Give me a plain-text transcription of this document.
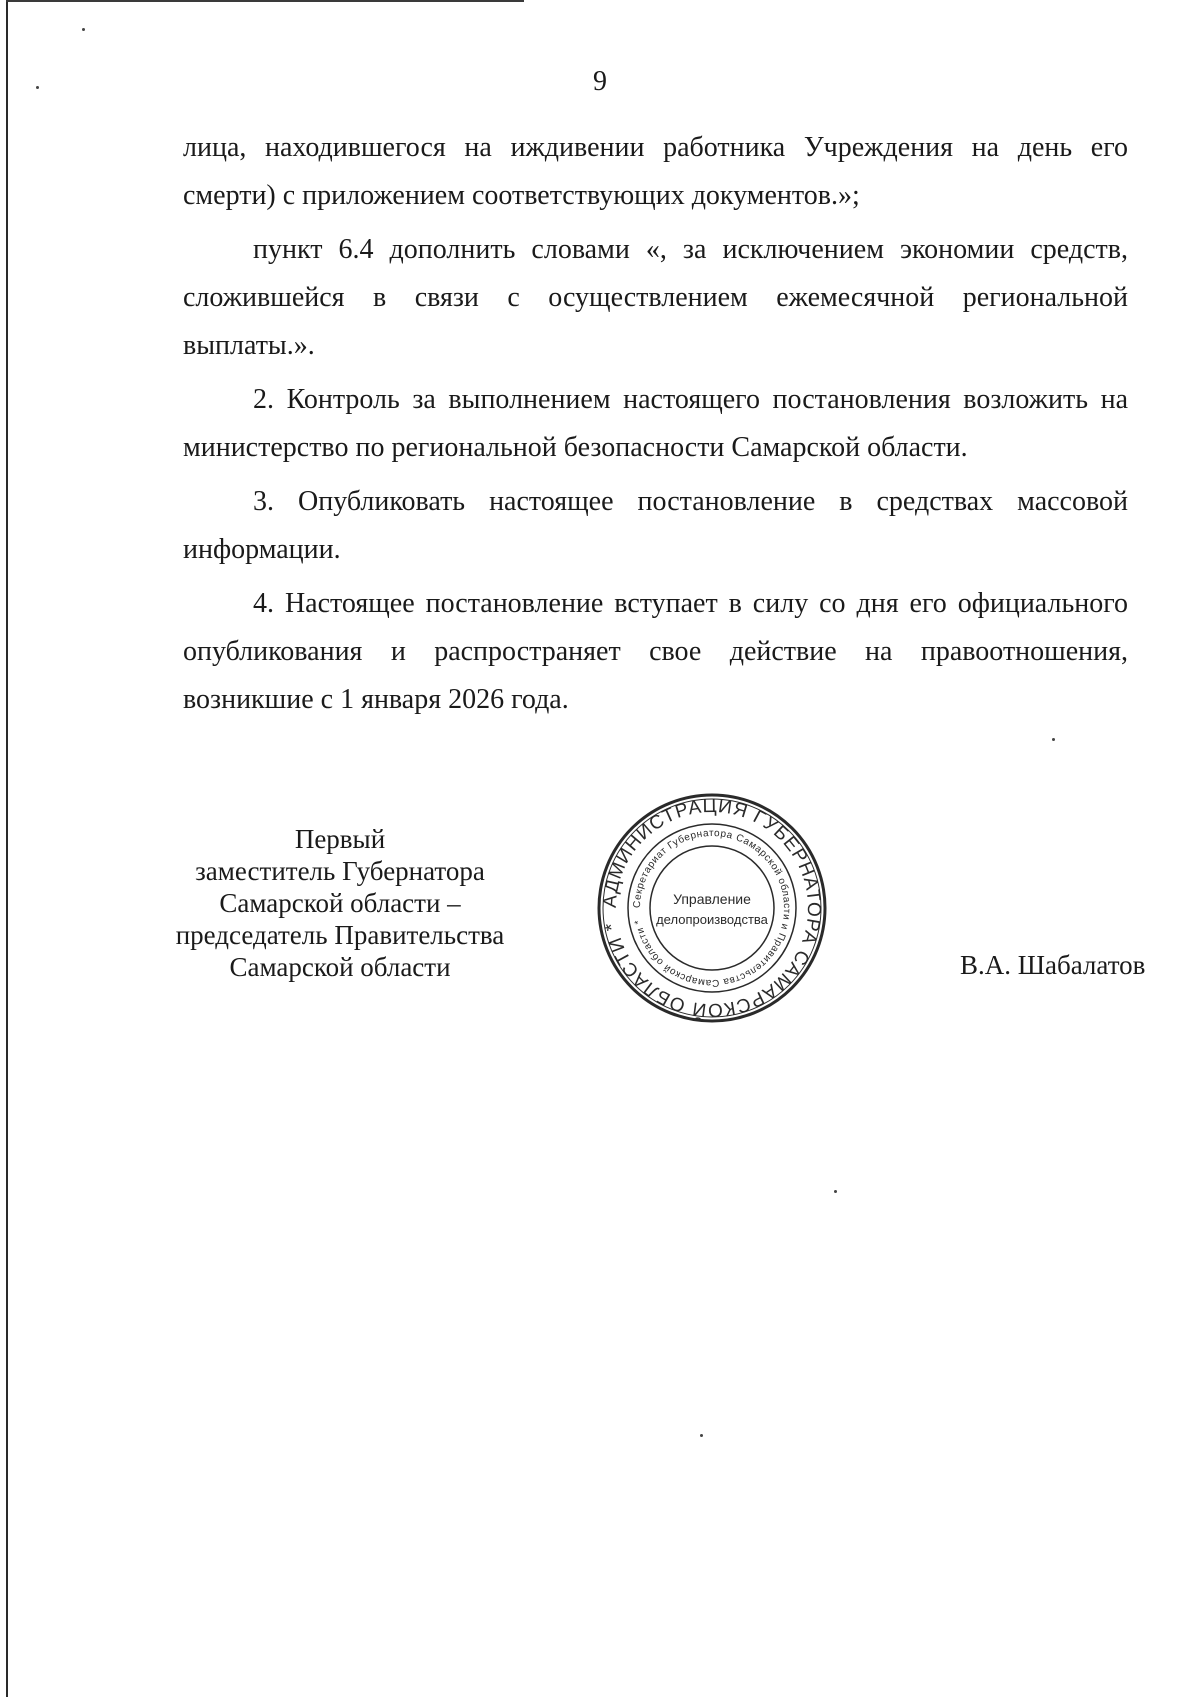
9

лица, находившегося на иждивении работника Учреждения на день его смерти) с приложением соответствующих документов.»;

пункт 6.4 дополнить словами «, за исключением экономии средств, сложившейся в связи с осуществлением ежемесячной региональной выплаты.».

2. Контроль за выполнением настоящего постановления возложить на министерство по региональной безопасности Самарской области.

3. Опубликовать настоящее постановление в средствах массовой информации.

4. Настоящее постановление вступает в силу со дня его официального опубликования и распространяет свое действие на правоотношения, возникшие с 1 января 2026 года.

Первый
заместитель Губернатора
Самарской области –
председатель Правительства
Самарской области
АДМИНИСТРАЦИЯ ГУБЕРНАТОРА САМАРСКОЙ ОБЛАСТИ *
Секретариат Губернатора Самарской области и Правительства Самарской области *
Управление
делопроизводства
В.А. Шабалатов
